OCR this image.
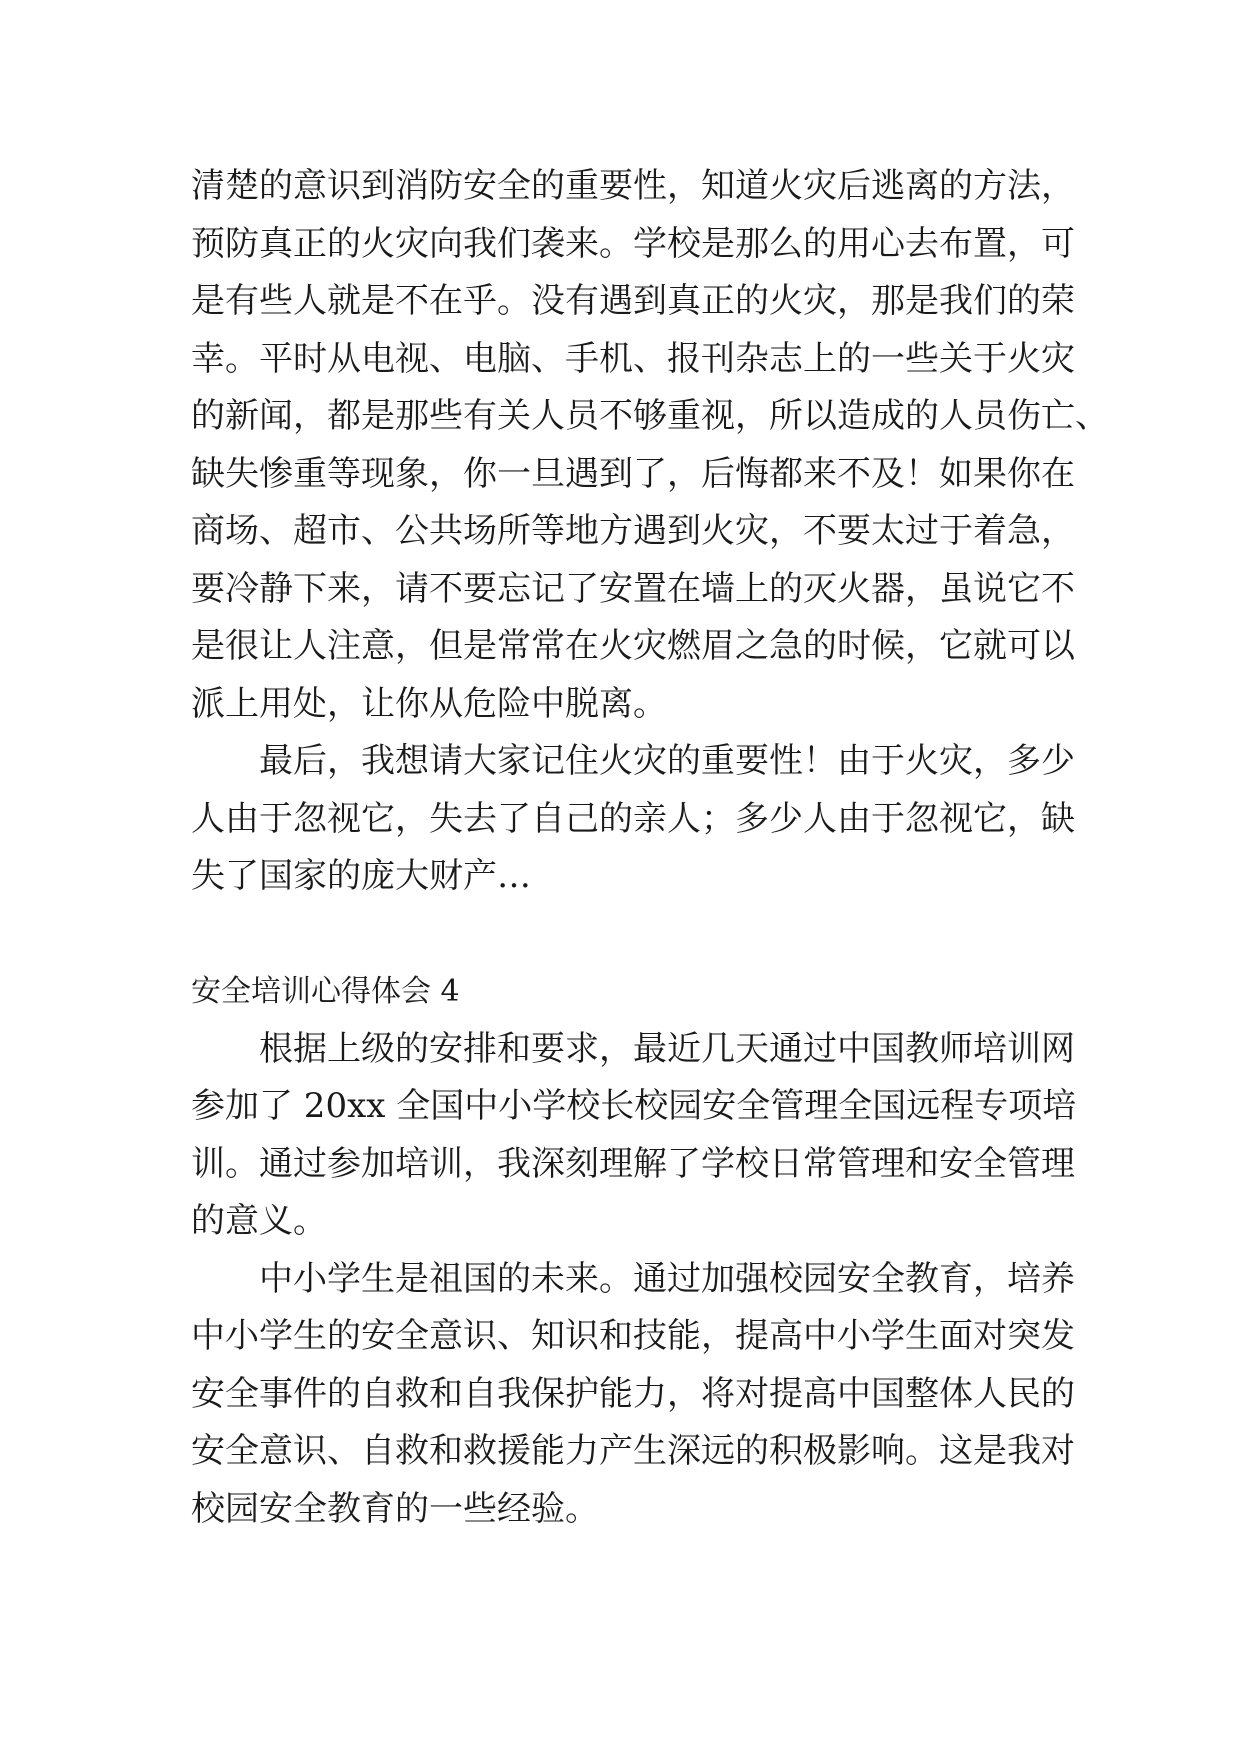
清楚的意识到消防安全的重要性，知道火灾后逃离的方法，
预防真正的火灾向我们袭来。学校是那么的用心去布置，可
是有些人就是不在乎。没有遇到真正的火灾，那是我们的荣
幸。平时从电视、电脑、手机、报刊杂志上的一些关于火灾
的新闻，都是那些有关人员不够重视，所以造成的人员伤亡、
缺失惨重等现象，你一旦遇到了，后悔都来不及！如果你在
商场、超市、公共场所等地方遇到火灾，不要太过于着急，
要冷静下来，请不要忘记了安置在墙上的灭火器，虽说它不
是很让人注意，但是常常在火灾燃眉之急的时候，它就可以
派上用处，让你从危险中脱离。
最后，我想请大家记住火灾的重要性！由于火灾，多少
人由于忽视它，失去了自己的亲人；多少人由于忽视它，缺
失了国家的庞大财产…
安全培训心得体会 4
根据上级的安排和要求，最近几天通过中国教师培训网
参加了 20xx 全国中小学校长校园安全管理全国远程专项培
训。通过参加培训，我深刻理解了学校日常管理和安全管理
的意义。
中小学生是祖国的未来。通过加强校园安全教育，培养
中小学生的安全意识、知识和技能，提高中小学生面对突发
安全事件的自救和自我保护能力，将对提高中国整体人民的
安全意识、自救和救援能力产生深远的积极影响。这是我对
校园安全教育的一些经验。
